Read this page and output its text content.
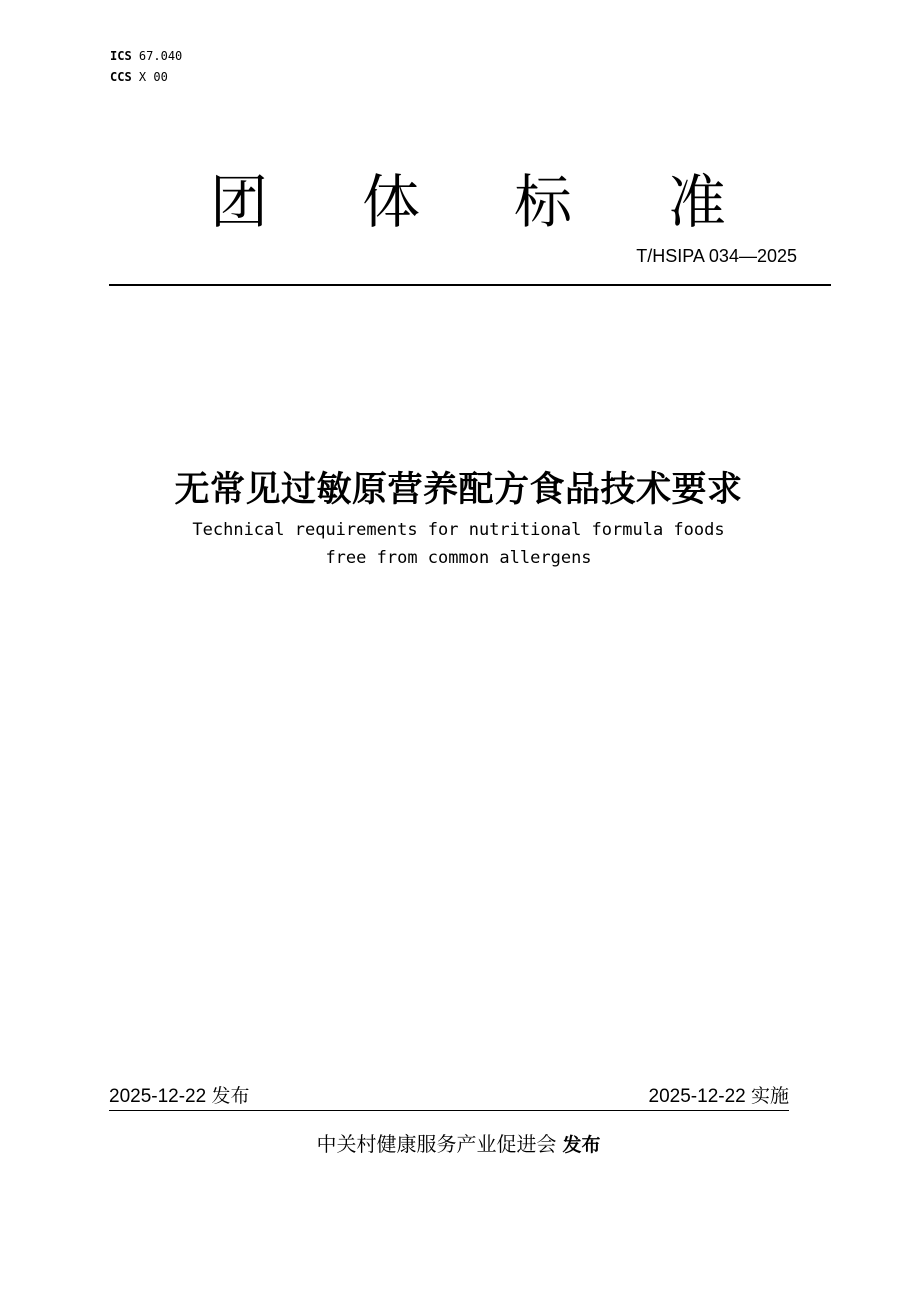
ICS 67.040
CCS X 00
团 体 标 准
T/HSIPA 034—2025
无常见过敏原营养配方食品技术要求
Technical requirements for nutritional formula foods
free from common allergens
2025-12-22 发布	2025-12-22 实施
中关村健康服务产业促进会 发布
